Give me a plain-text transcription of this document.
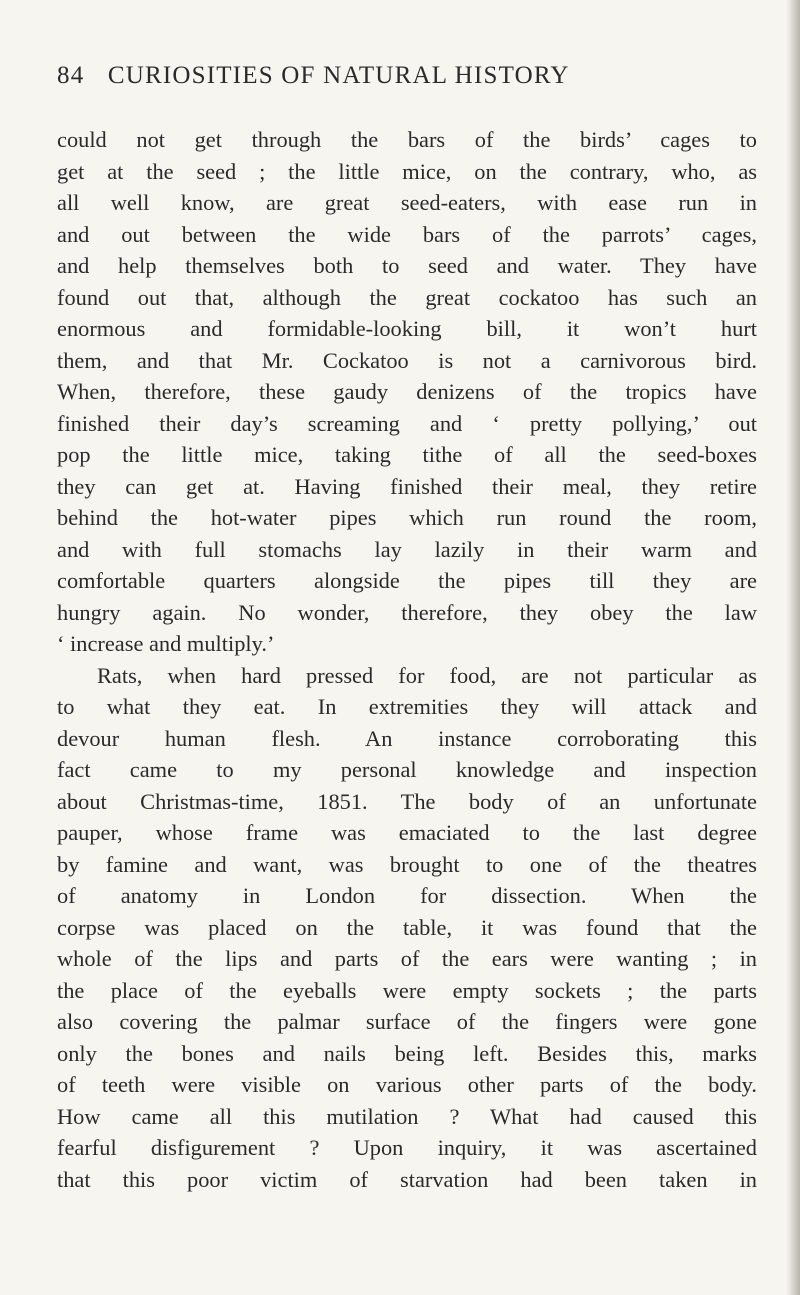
84 CURIOSITIES OF NATURAL HISTORY
could not get through the bars of the birds’ cages to
get at the seed ; the little mice, on the contrary, who, as
all well know, are great seed-eaters, with ease run in
and out between the wide bars of the parrots’ cages,
and help themselves both to seed and water. They have
found out that, although the great cockatoo has such an
enormous and formidable-looking bill, it won’t hurt
them, and that Mr. Cockatoo is not a carnivorous bird.
When, therefore, these gaudy denizens of the tropics have
finished their day’s screaming and ‘ pretty pollying,’ out
pop the little mice, taking tithe of all the seed-boxes
they can get at. Having finished their meal, they retire
behind the hot-water pipes which run round the room,
and with full stomachs lay lazily in their warm and
comfortable quarters alongside the pipes till they are
hungry again. No wonder, therefore, they obey the law
‘ increase and multiply.’
Rats, when hard pressed for food, are not particular as
to what they eat. In extremities they will attack and
devour human flesh. An instance corroborating this
fact came to my personal knowledge and inspection
about Christmas-time, 1851. The body of an unfortunate
pauper, whose frame was emaciated to the last degree
by famine and want, was brought to one of the theatres
of anatomy in London for dissection. When the
corpse was placed on the table, it was found that the
whole of the lips and parts of the ears were wanting ; in
the place of the eyeballs were empty sockets ; the parts
also covering the palmar surface of the fingers were gone
only the bones and nails being left. Besides this, marks
of teeth were visible on various other parts of the body.
How came all this mutilation ? What had caused this
fearful disfigurement ? Upon inquiry, it was ascertained
that this poor victim of starvation had been taken in
